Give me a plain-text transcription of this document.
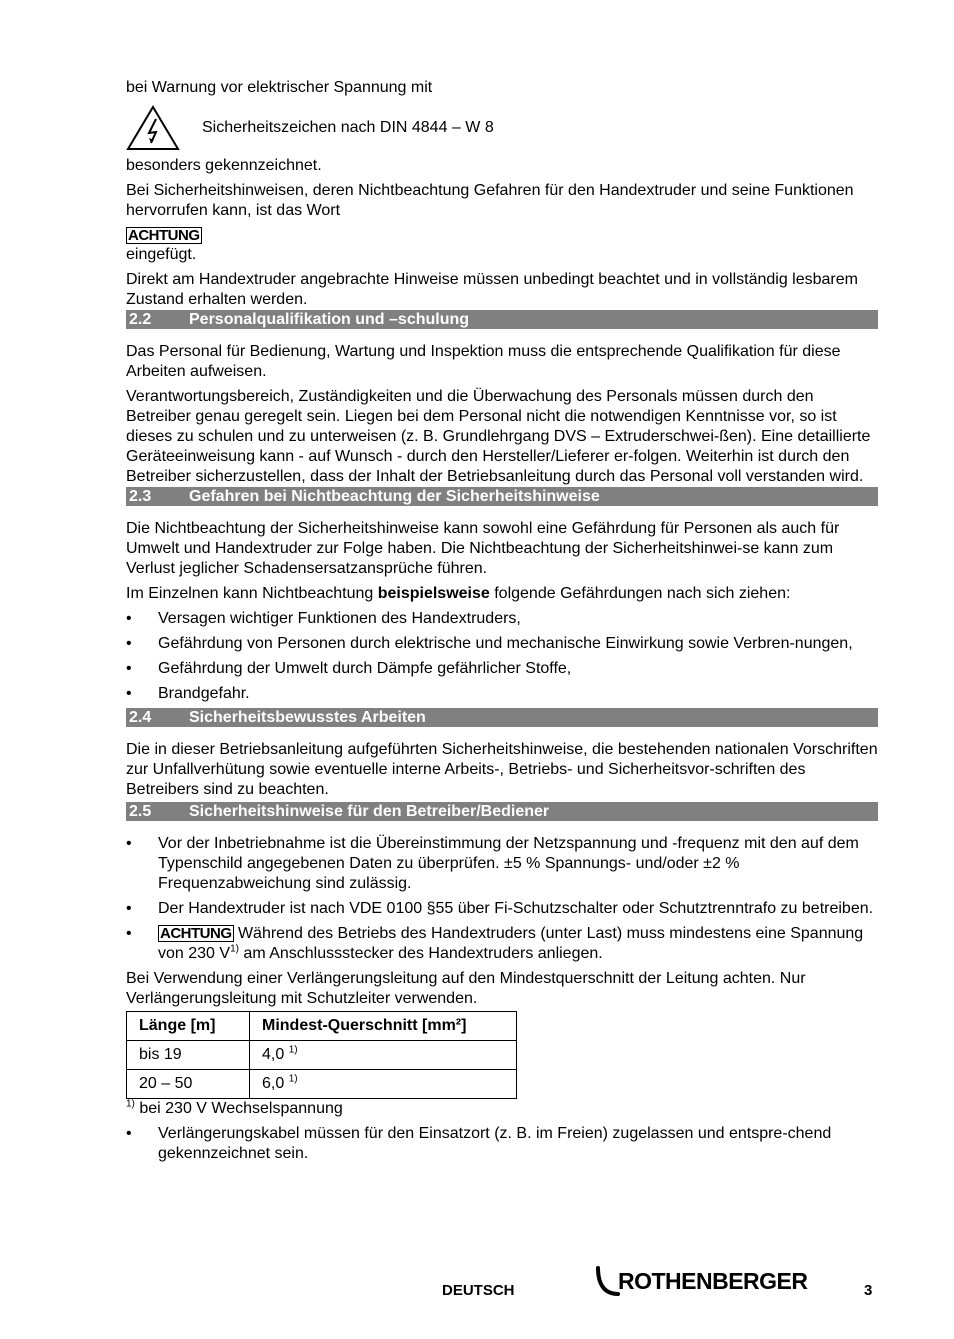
bei Warnung vor elektrischer Spannung mit

Sicherheitszeichen nach DIN 4844 – W 8

besonders gekennzeichnet.

Bei Sicherheitshinweisen, deren Nichtbeachtung Gefahren für den Handextruder und seine Funktionen hervorrufen kann, ist das Wort

ACHTUNG

eingefügt.

Direkt am Handextruder angebrachte Hinweise müssen unbedingt beachtet und in vollständig lesbarem Zustand erhalten werden.

2.2	Personalqualifikation und –schulung

Das Personal für Bedienung, Wartung und Inspektion muss die entsprechende Qualifikation für diese Arbeiten aufweisen.

Verantwortungsbereich, Zuständigkeiten und die Überwachung des Personals müssen durch den Betreiber genau geregelt sein. Liegen bei dem Personal nicht die notwendigen Kenntnisse vor, so ist dieses zu schulen und zu unterweisen (z. B. Grundlehrgang DVS – Extruderschwei-ßen). Eine detaillierte Geräteeinweisung kann - auf Wunsch - durch den Hersteller/Lieferer er-folgen. Weiterhin ist durch den Betreiber sicherzustellen, dass der Inhalt der Betriebsanleitung durch das Personal voll verstanden wird.

2.3	Gefahren bei Nichtbeachtung der Sicherheitshinweise

Die Nichtbeachtung der Sicherheitshinweise kann sowohl eine Gefährdung für Personen als auch für Umwelt und Handextruder zur Folge haben. Die Nichtbeachtung der Sicherheitshinwei-se kann zum Verlust jeglicher Schadensersatzansprüche führen.

Im Einzelnen kann Nichtbeachtung beispielsweise folgende Gefährdungen nach sich ziehen:

• Versagen wichtiger Funktionen des Handextruders,
• Gefährdung von Personen durch elektrische und mechanische Einwirkung sowie Verbren-nungen,
• Gefährdung der Umwelt durch Dämpfe gefährlicher Stoffe,
• Brandgefahr.
2.4	Sicherheitsbewusstes Arbeiten

Die in dieser Betriebsanleitung aufgeführten Sicherheitshinweise, die bestehenden nationalen Vorschriften zur Unfallverhütung sowie eventuelle interne Arbeits-, Betriebs- und Sicherheitsvor-schriften des Betreibers sind zu beachten.

2.5	Sicherheitshinweise für den Betreiber/Bediener
• Vor der Inbetriebnahme ist die Übereinstimmung der Netzspannung und -frequenz mit den auf dem Typenschild angegebenen Daten zu überprüfen. ±5 % Spannungs- und/oder ±2 % Frequenzabweichung sind zulässig.
• Der Handextruder ist nach VDE 0100 §55 über Fi-Schutzschalter oder Schutztrenntrafo zu betreiben.
• ACHTUNG Während des Betriebs des Handextruders (unter Last) muss mindestens eine Spannung von 230 $V^{1)}$ am Anschlussstecker des Handextruders anliegen.

Bei Verwendung einer Verlängerungsleitung auf den Mindestquerschnitt der Leitung achten. Nur Verlängerungsleitung mit Schutzleiter verwenden.

Länge [m]	Mindest-Querschnitt [mm²]
bis 19	4,0 $^{1)}$
20 – 50	6,0 $^{1)}$

$^{1)}$ bei 230 V Wechselspannung

• Verlängerungskabel müssen für den Einsatzort (z. B. im Freien) zugelassen und entspre-chend gekennzeichnet sein.
DEUTSCH	ROTHENBERGER	3
